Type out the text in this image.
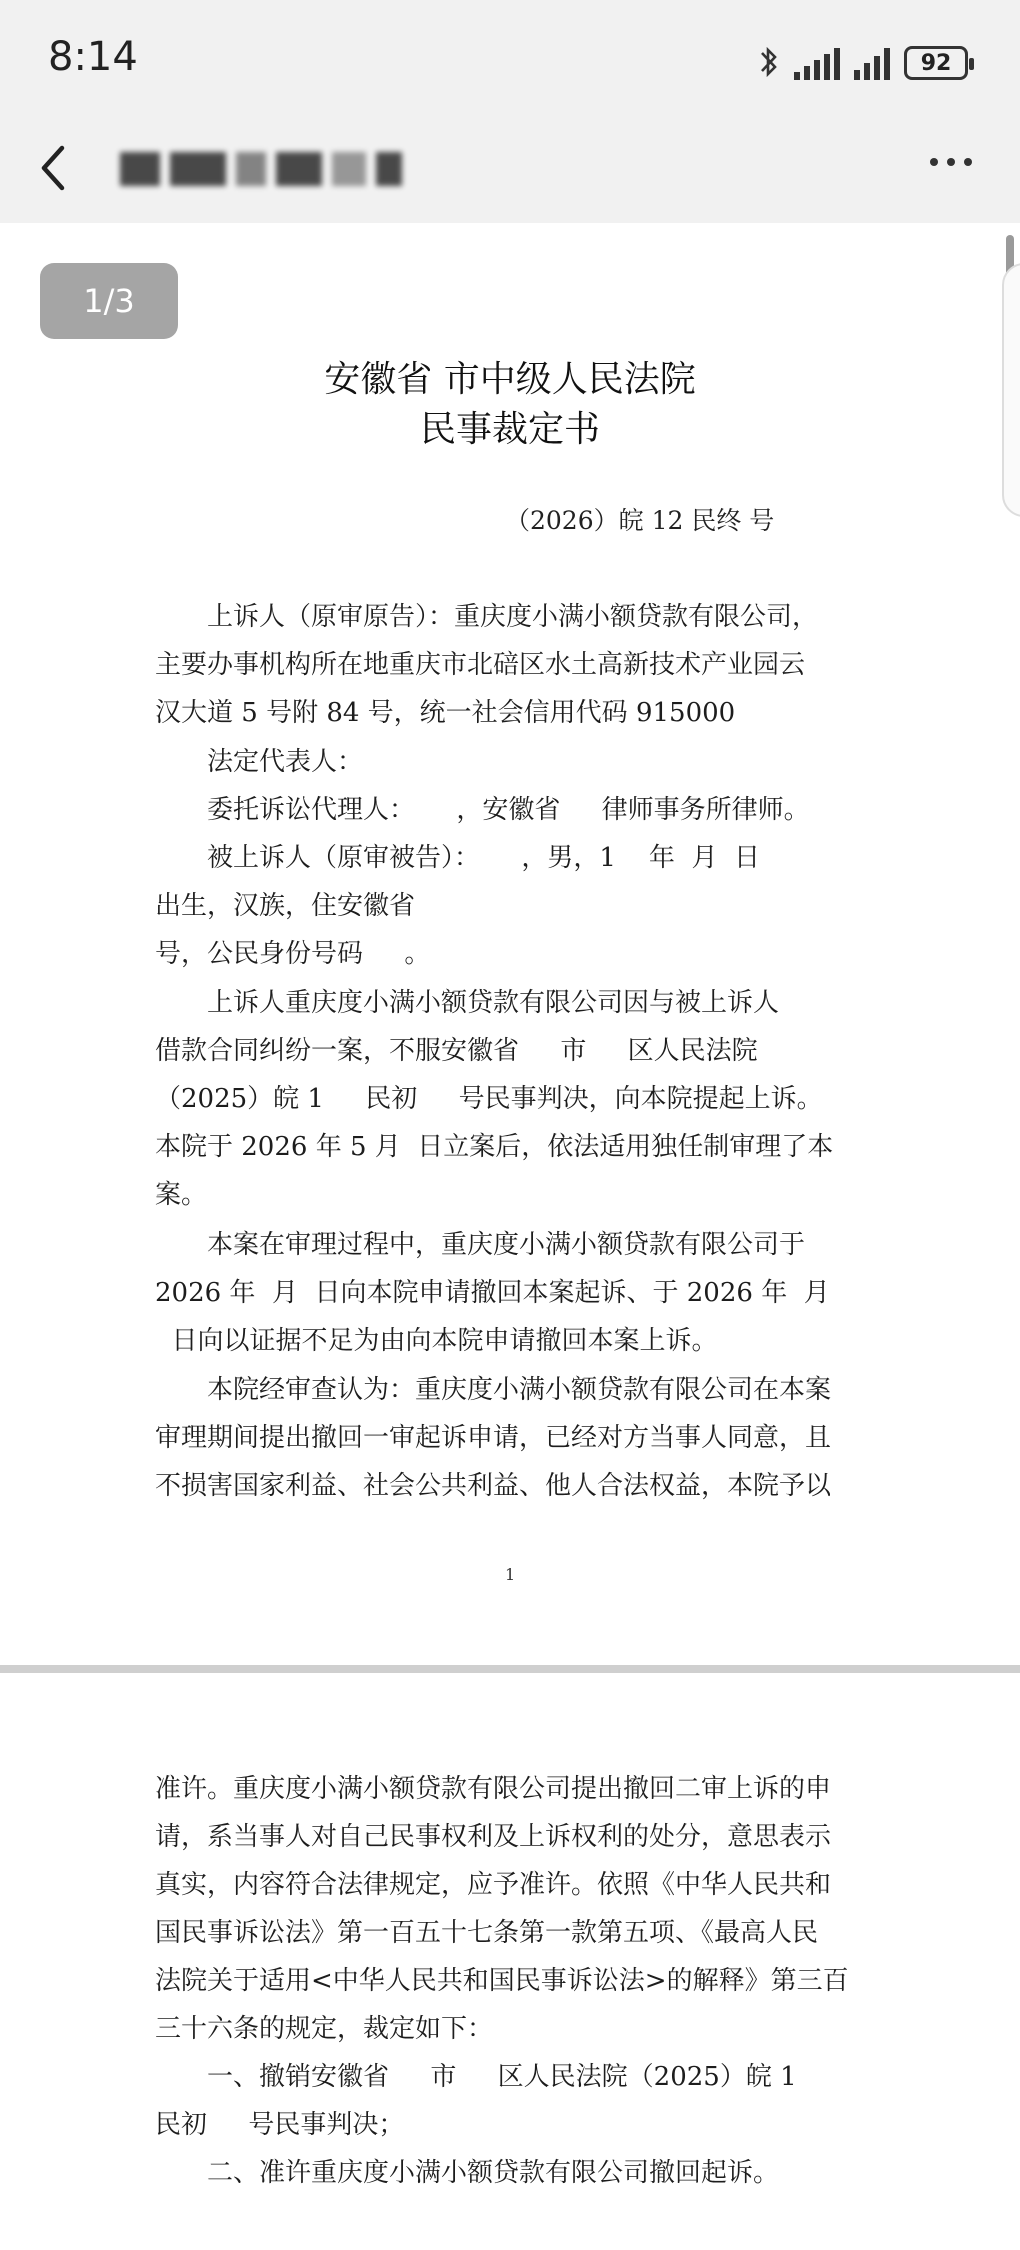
8:14	92
1/3
安徽省 市中级人民法院
民事裁定书
（2026）皖 12 民终 号

上诉人（原审原告）：重庆度小满小额贷款有限公司，
主要办事机构所在地重庆市北碚区水土高新技术产业园云
汉大道 5 号附 84 号，统一社会信用代码 915000

法定代表人：

委托诉讼代理人：     ，安徽省     律师事务所律师。

被上诉人（原审被告）：     ，男，1    年  月  日
出生，汉族，住安徽省
号，公民身份号码     。

上诉人重庆度小满小额贷款有限公司因与被上诉人
借款合同纠纷一案，不服安徽省     市     区人民法院
（2025）皖 1     民初     号民事判决，向本院提起上诉。
本院于 2026 年 5 月  日立案后，依法适用独任制审理了本
案。

本案在审理过程中，重庆度小满小额贷款有限公司于
2026 年  月  日向本院申请撤回本案起诉、于 2026 年  月
日向以证据不足为由向本院申请撤回本案上诉。

本院经审查认为：重庆度小满小额贷款有限公司在本案
审理期间提出撤回一审起诉申请，已经对方当事人同意，且
不损害国家利益、社会公共利益、他人合法权益，本院予以

1

准许。重庆度小满小额贷款有限公司提出撤回二审上诉的申
请，系当事人对自己民事权利及上诉权利的处分，意思表示
真实，内容符合法律规定，应予准许。依照《中华人民共和
国民事诉讼法》第一百五十七条第一款第五项、《最高人民
法院关于适用<中华人民共和国民事诉讼法>的解释》第三百
三十六条的规定，裁定如下：

一、撤销安徽省     市     区人民法院（2025）皖 1
民初     号民事判决；

二、准许重庆度小满小额贷款有限公司撤回起诉。
